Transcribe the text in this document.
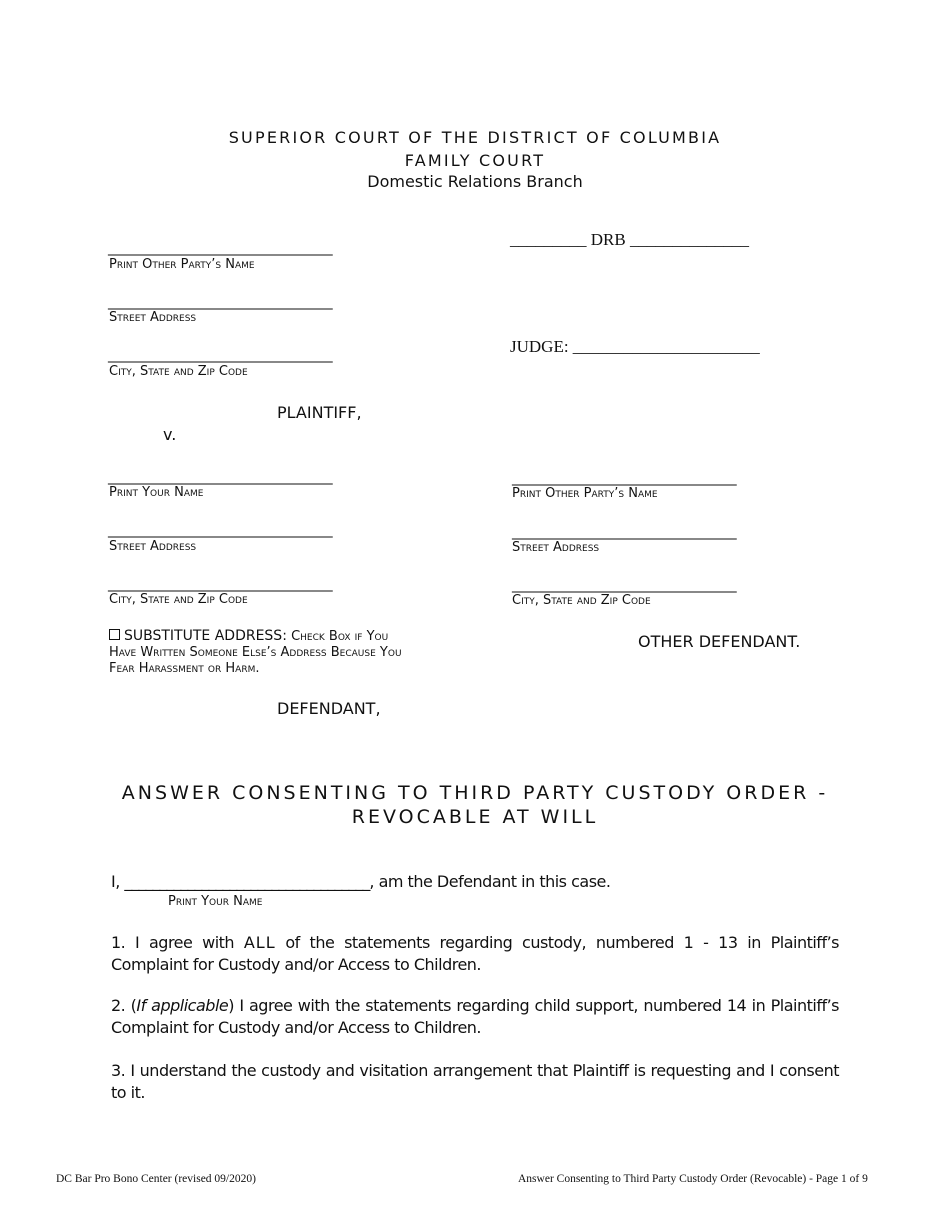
SUPERIOR COURT OF THE DISTRICT OF COLUMBIA
FAMILY COURT
Domestic Relations Branch
___________________________________
Print Other Party’s Name
___________________________________
Street Address
___________________________________
City, State and Zip Code
PLAINTIFF,
v.
_________ DRB ______________
JUDGE: ______________________
___________________________________
Print Your Name
___________________________________
Street Address
___________________________________
City, State and Zip Code
SUBSTITUTE ADDRESS: Check Box if You Have Written Someone Else’s Address Because You Fear Harassment or Harm.
DEFENDANT,
___________________________________
Print Other Party’s Name
___________________________________
Street Address
___________________________________
City, State and Zip Code
OTHER DEFENDANT.
ANSWER CONSENTING TO THIRD PARTY CUSTODY ORDER -
REVOCABLE AT WILL
I, ___________________________________, am the Defendant in this case.
Print Your Name
1. I agree with ALL of the statements regarding custody, numbered 1 - 13 in Plaintiff’s Complaint for Custody and/or Access to Children.
2. (If applicable) I agree with the statements regarding child support, numbered 14 in Plaintiff’s Complaint for Custody and/or Access to Children.
3. I understand the custody and visitation arrangement that Plaintiff is requesting and I consent to it.
DC Bar Pro Bono Center (revised 09/2020)	Answer Consenting to Third Party Custody Order (Revocable) - Page 1 of 9
